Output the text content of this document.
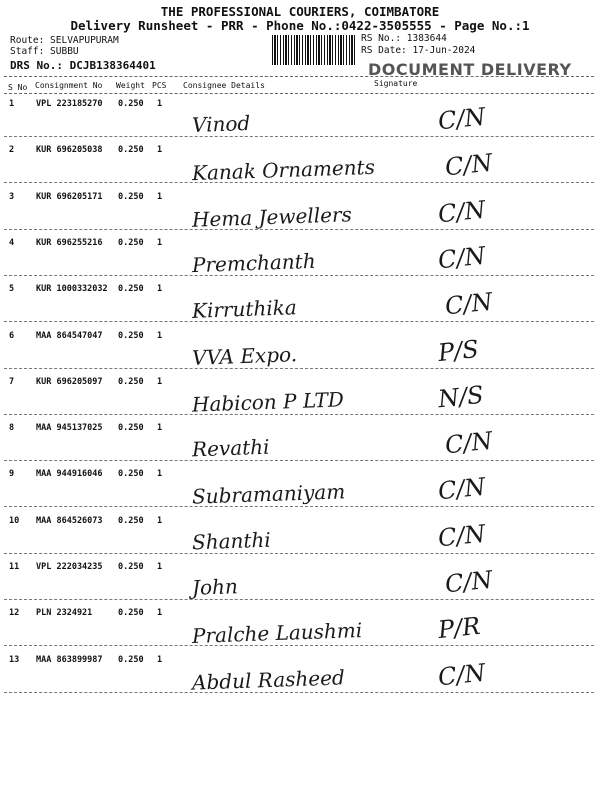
THE PROFESSIONAL COURIERS, COIMBATORE
Delivery Runsheet - PRR - Phone No.:0422-3505555 - Page No.:1
Route: SELVAPUPURAM
Staff: SUBBU
DRS No.: DCJB138364401
RS No.: 1383644
RS Date: 17-Jun-2024
DOCUMENT DELIVERY
S No Consignment No Weight PCS Consignee Details	Signature
1	VPL 223185270 0.250 1
Vinod	C/N
2	KUR 696205038 0.250 1
Kanak Ornaments	C/N
3	KUR 696205171 0.250 1
Hema Jewellers	C/N
4	KUR 696255216 0.250 1
Premchanth	C/N
5	KUR 1000332032 0.250 1
Kirruthika	C/N
6	MAA 864547047 0.250 1
VVA Expo.	P/S
7	KUR 696205097 0.250 1
Habicon P LTD	N/S
8	MAA 945137025 0.250 1
Revathi	C/N
9	MAA 944916046 0.250 1
Subramaniyam	C/N
10 MAA 864526073 0.250 1
Shanthi	C/N
11 VPL 222034235 0.250 1
John	C/N
12 PLN 2324921	0.250 1
Pralche Laushmi	P/R
13 MAA 863899987 0.250 1
Abdul Rasheed	C/N
